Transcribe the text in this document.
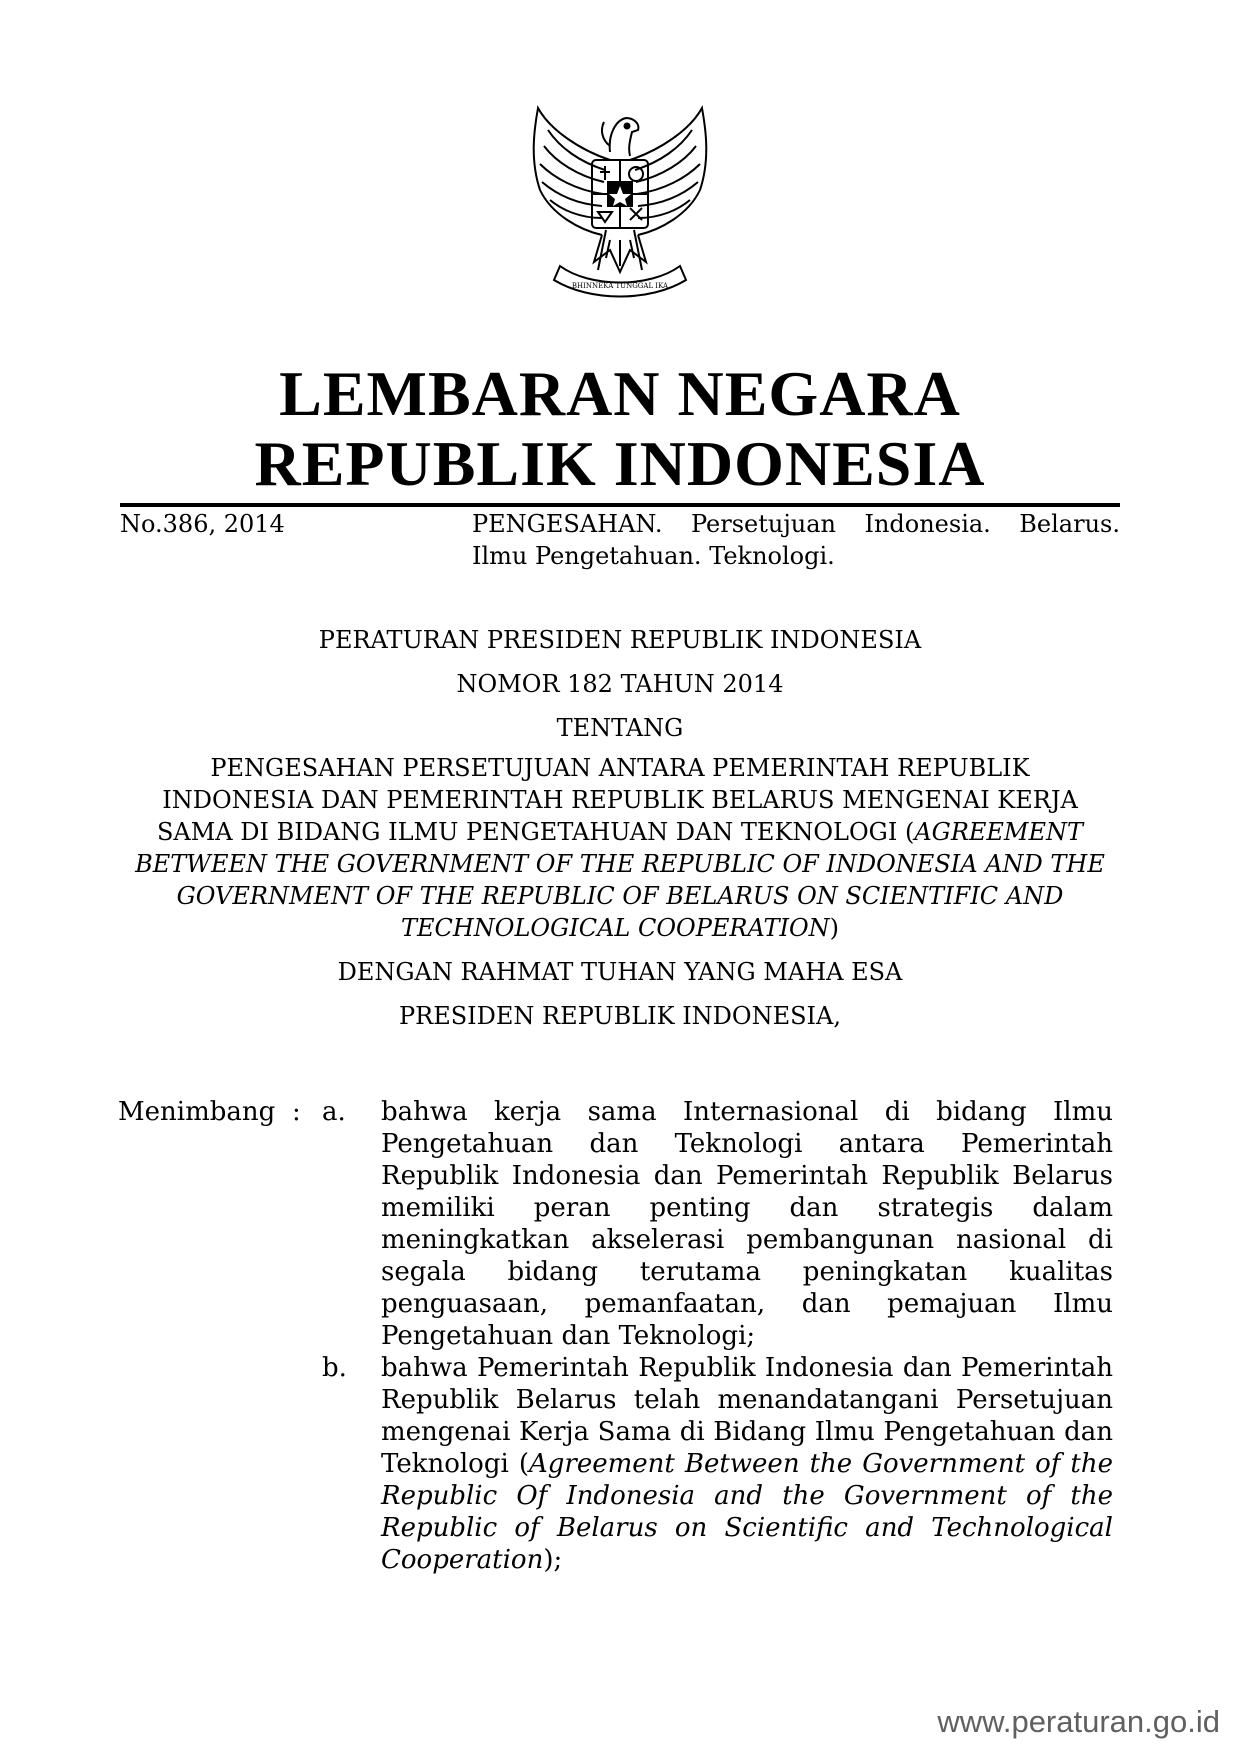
BHINNEKA TUNGGAL IKA
LEMBARAN NEGARA
REPUBLIK INDONESIA
No.386, 2014	PENGESAHAN. Persetujuan Indonesia. Belarus.
Ilmu Pengetahuan. Teknologi.
PERATURAN PRESIDEN REPUBLIK INDONESIA
NOMOR 182 TAHUN 2014
TENTANG
PENGESAHAN PERSETUJUAN ANTARA PEMERINTAH REPUBLIK
INDONESIA DAN PEMERINTAH REPUBLIK BELARUS MENGENAI KERJA
SAMA DI BIDANG ILMU PENGETAHUAN DAN TEKNOLOGI (AGREEMENT
BETWEEN THE GOVERNMENT OF THE REPUBLIC OF INDONESIA AND THE
GOVERNMENT OF THE REPUBLIC OF BELARUS ON SCIENTIFIC AND
TECHNOLOGICAL COOPERATION)
DENGAN RAHMAT TUHAN YANG MAHA ESA
PRESIDEN REPUBLIK INDONESIA,
Menimbang : a. bahwa kerja sama Internasional di bidang Ilmu
Pengetahuan dan Teknologi antara Pemerintah
Republik Indonesia dan Pemerintah Republik Belarus
memiliki peran penting dan strategis dalam
meningkatkan akselerasi pembangunan nasional di
segala bidang terutama peningkatan kualitas
penguasaan, pemanfaatan, dan pemajuan Ilmu
Pengetahuan dan Teknologi;
b. bahwa Pemerintah Republik Indonesia dan Pemerintah
Republik Belarus telah menandatangani Persetujuan
mengenai Kerja Sama di Bidang Ilmu Pengetahuan dan
Teknologi (Agreement Between the Government of the
Republic Of Indonesia and the Government of the
Republic of Belarus on Scientific and Technological
Cooperation);
www.peraturan.go.id
